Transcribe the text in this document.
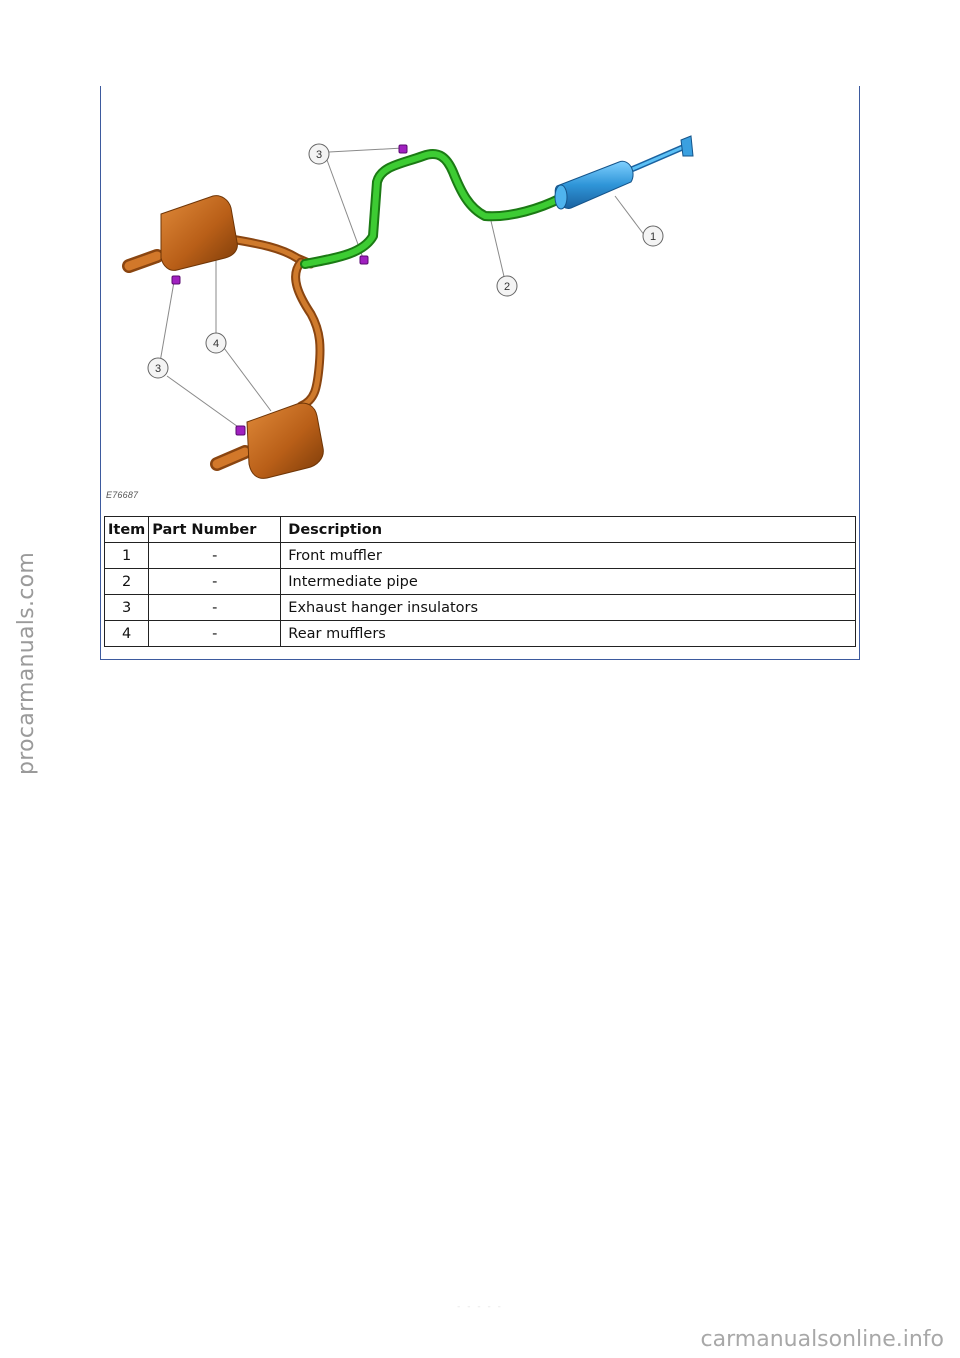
3
1
2
4
3
E76687
Item	Part Number	Description
1	-	Front muffler
2	-	Intermediate pipe
3	-	Exhaust hanger insulators
4	-	Rear mufflers
procarmanuals.com
- - - - -
carmanualsonline.info
